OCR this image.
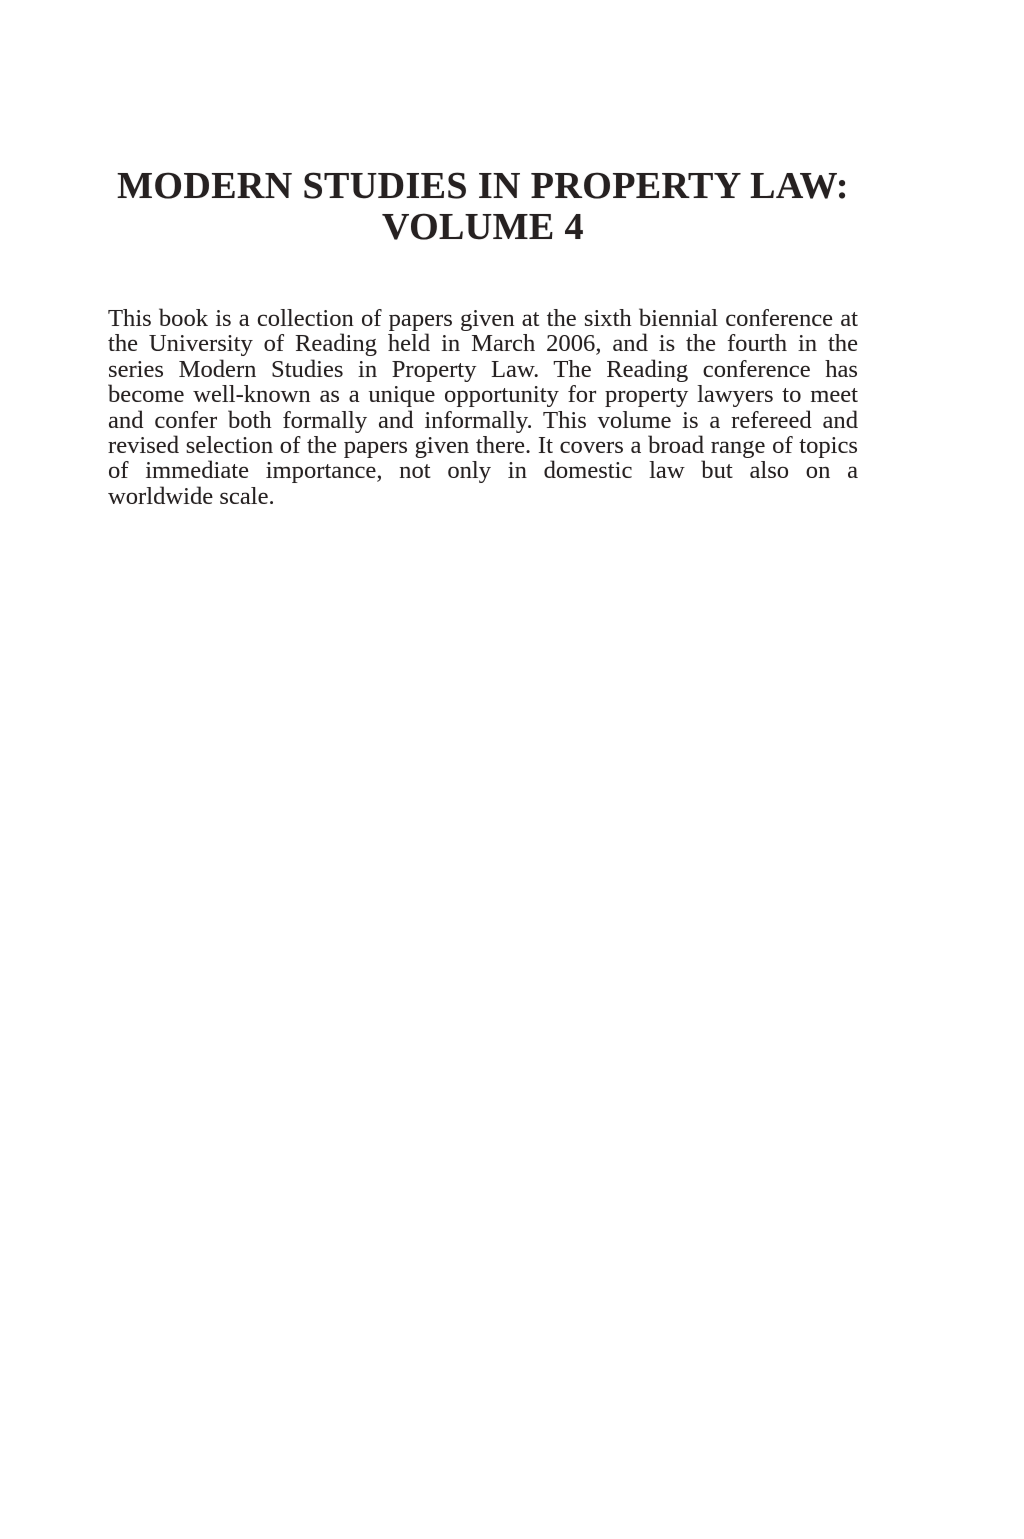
MODERN STUDIES IN PROPERTY LAW:
VOLUME 4
This book is a collection of papers given at the sixth biennial conference at
the University of Reading held in March 2006, and is the fourth in the
series Modern Studies in Property Law. The Reading conference has
become well-known as a unique opportunity for property lawyers to meet
and confer both formally and informally. This volume is a refereed and
revised selection of the papers given there. It covers a broad range of topics
of immediate importance, not only in domestic law but also on a
worldwide scale.
